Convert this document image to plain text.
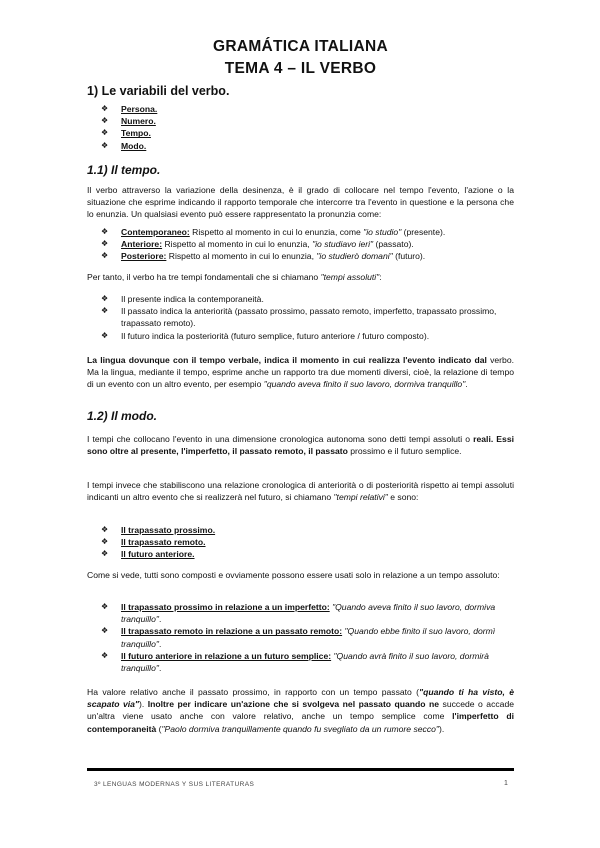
GRAMÁTICA ITALIANA
TEMA 4 – IL VERBO
1) Le variabili del verbo.
❖ Persona.
❖ Numero.
❖ Tempo.
❖ Modo.
1.1) Il tempo.
Il verbo attraverso la variazione della desinenza, è il grado di collocare nel tempo l'evento, l'azione o la situazione che esprime indicando il rapporto temporale che intercorre tra l'evento in questione e la persona che lo enunzia. Un qualsiasi evento può essere rappresentato la pronunzia come:
❖ Contemporaneo: Rispetto al momento in cui lo enunzia, come "io studio" (presente).
❖ Anteriore: Rispetto al momento in cui lo enunzia, "io studiavo ieri" (passato).
❖ Posteriore: Rispetto al momento in cui lo enunzia, "io studierò domani" (futuro).
Per tanto, il verbo ha tre tempi fondamentali che si chiamano "tempi assoluti":
❖ Il presente indica la contemporaneità.
❖ Il passato indica la anteriorità (passato prossimo, passato remoto, imperfetto, trapassato prossimo, trapassato remoto).
❖ Il futuro indica la posteriorità (futuro semplice, futuro anteriore / futuro composto).
La lingua dovunque con il tempo verbale, indica il momento in cui realizza l'evento indicato dal verbo. Ma la lingua, mediante il tempo, esprime anche un rapporto tra due momenti diversi, cioè, la relazione di tempo di un evento con un altro evento, per esempio "quando aveva finito il suo lavoro, dormiva tranquillo".
1.2) Il modo.
I tempi che collocano l'evento in una dimensione cronologica autonoma sono detti tempi assoluti o reali. Essi sono oltre al presente, l'imperfetto, il passato remoto, il passato prossimo e il futuro semplice.
I tempi invece che stabiliscono una relazione cronologica di anteriorità o di posteriorità rispetto ai tempi assoluti indicanti un altro evento che si realizzerà nel futuro, si chiamano "tempi relativi" e sono:
❖ Il trapassato prossimo.
❖ Il trapassato remoto.
❖ Il futuro anteriore.
Come si vede, tutti sono composti e ovviamente possono essere usati solo in relazione a un tempo assoluto:
❖ Il trapassato prossimo in relazione a un imperfetto: "Quando aveva finito il suo lavoro, dormiva tranquillo".
❖ Il trapassato remoto in relazione a un passato remoto: "Quando ebbe finito il suo lavoro, dormì tranquillo".
❖ Il futuro anteriore in relazione a un futuro semplice: "Quando avrà finito il suo lavoro, dormirà tranquillo".
Ha valore relativo anche il passato prossimo, in rapporto con un tempo passato ("quando ti ha visto, è scapato via"). Inoltre per indicare un'azione che si svolgeva nel passato quando ne succede o accade un'altra viene usato anche con valore relativo, anche un tempo semplice come l'imperfetto di contemporaneità ("Paolo dormiva tranquillamente quando fu svegliato da un rumore secco").
3º LENGUAS MODERNAS Y SUS LITERATURAS	1
